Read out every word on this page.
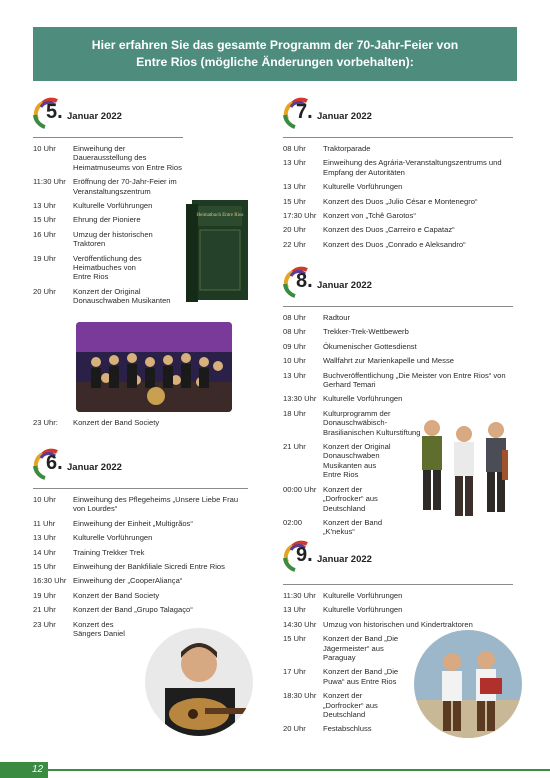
Hier erfahren Sie das gesamte Programm der 70-Jahr-Feier von
Entre Rios (mögliche Änderungen vorbehalten):
5. Januar 2022
10 Uhr	Einweihung der Dauerausstellung des Heimatmuseums von Entre Rios
11:30 Uhr Eröffnung der 70-Jahr-Feier im Veranstaltungszentrum
13 Uhr	Kulturelle Vorführungen
15 Uhr	Ehrung der Pioniere
16 Uhr	Umzug der historischen Traktoren
19 Uhr	Veröffentlichung des Heimatbuches von Entre Rios
20 Uhr	Konzert der Original Donauschwaben Musikanten
Heimatbuch Entre Rios
23 Uhr:	Konzert der Band Society
6. Januar 2022
10 Uhr	Einweihung des Pflegeheims „Unsere Liebe Frau von Lourdes“
11 Uhr	Einweihung der Einheit „Multigrãos“
13 Uhr	Kulturelle Vorführungen
14 Uhr	Training Trekker Trek
15 Uhr	Einweihung der Bankfiliale Sicredi Entre Rios
16:30 Uhr Einweihung der „CooperAliança“
19 Uhr	Konzert der Band Society
21 Uhr	Konzert der Band „Grupo Talagaço“
23 Uhr	Konzert des Sängers Daniel
7. Januar 2022
08 Uhr	Traktorparade
13 Uhr	Einweihung des Agrária-Veranstaltungszentrums und Empfang der Autoritäten
13 Uhr	Kulturelle Vorführungen
15 Uhr	Konzert des Duos „Julio César e Montenegro“
17:30 Uhr Konzert von „Tchê Garotos“
20 Uhr	Konzert des Duos „Carreiro e Capataz“
22 Uhr	Konzert des Duos „Conrado e Aleksandro“
8. Januar 2022
08 Uhr	Radtour
08 Uhr	Trekker-Trek-Wettbewerb
09 Uhr	Ökumenischer Gottesdienst
10 Uhr	Wallfahrt zur Marienkapelle und Messe
13 Uhr	Buchveröffentlichung „Die Meister von Entre Rios“ von Gerhard Temari
13:30 Uhr Kulturelle Vorführungen
18 Uhr	Kulturprogramm der Donauschwäbisch-Brasilianischen Kulturstiftung
21 Uhr	Konzert der Original Donauschwaben Musikanten aus Entre Rios
00:00 Uhr Konzert der „Dorfrocker“ aus Deutschland
02:00	Konzert der Band „K'nekus“
9. Januar 2022
11:30 Uhr Kulturelle Vorführungen
13 Uhr	Kulturelle Vorführungen
14:30 Uhr Umzug von historischen und Kindertraktoren
15 Uhr	Konzert der Band „Die Jägermeister“ aus Paraguay
17 Uhr	Konzert der Band „Die Puwa“ aus Entre Rios
18:30 Uhr Konzert der „Dorfrocker“ aus Deutschland
20 Uhr	Festabschluss
12
